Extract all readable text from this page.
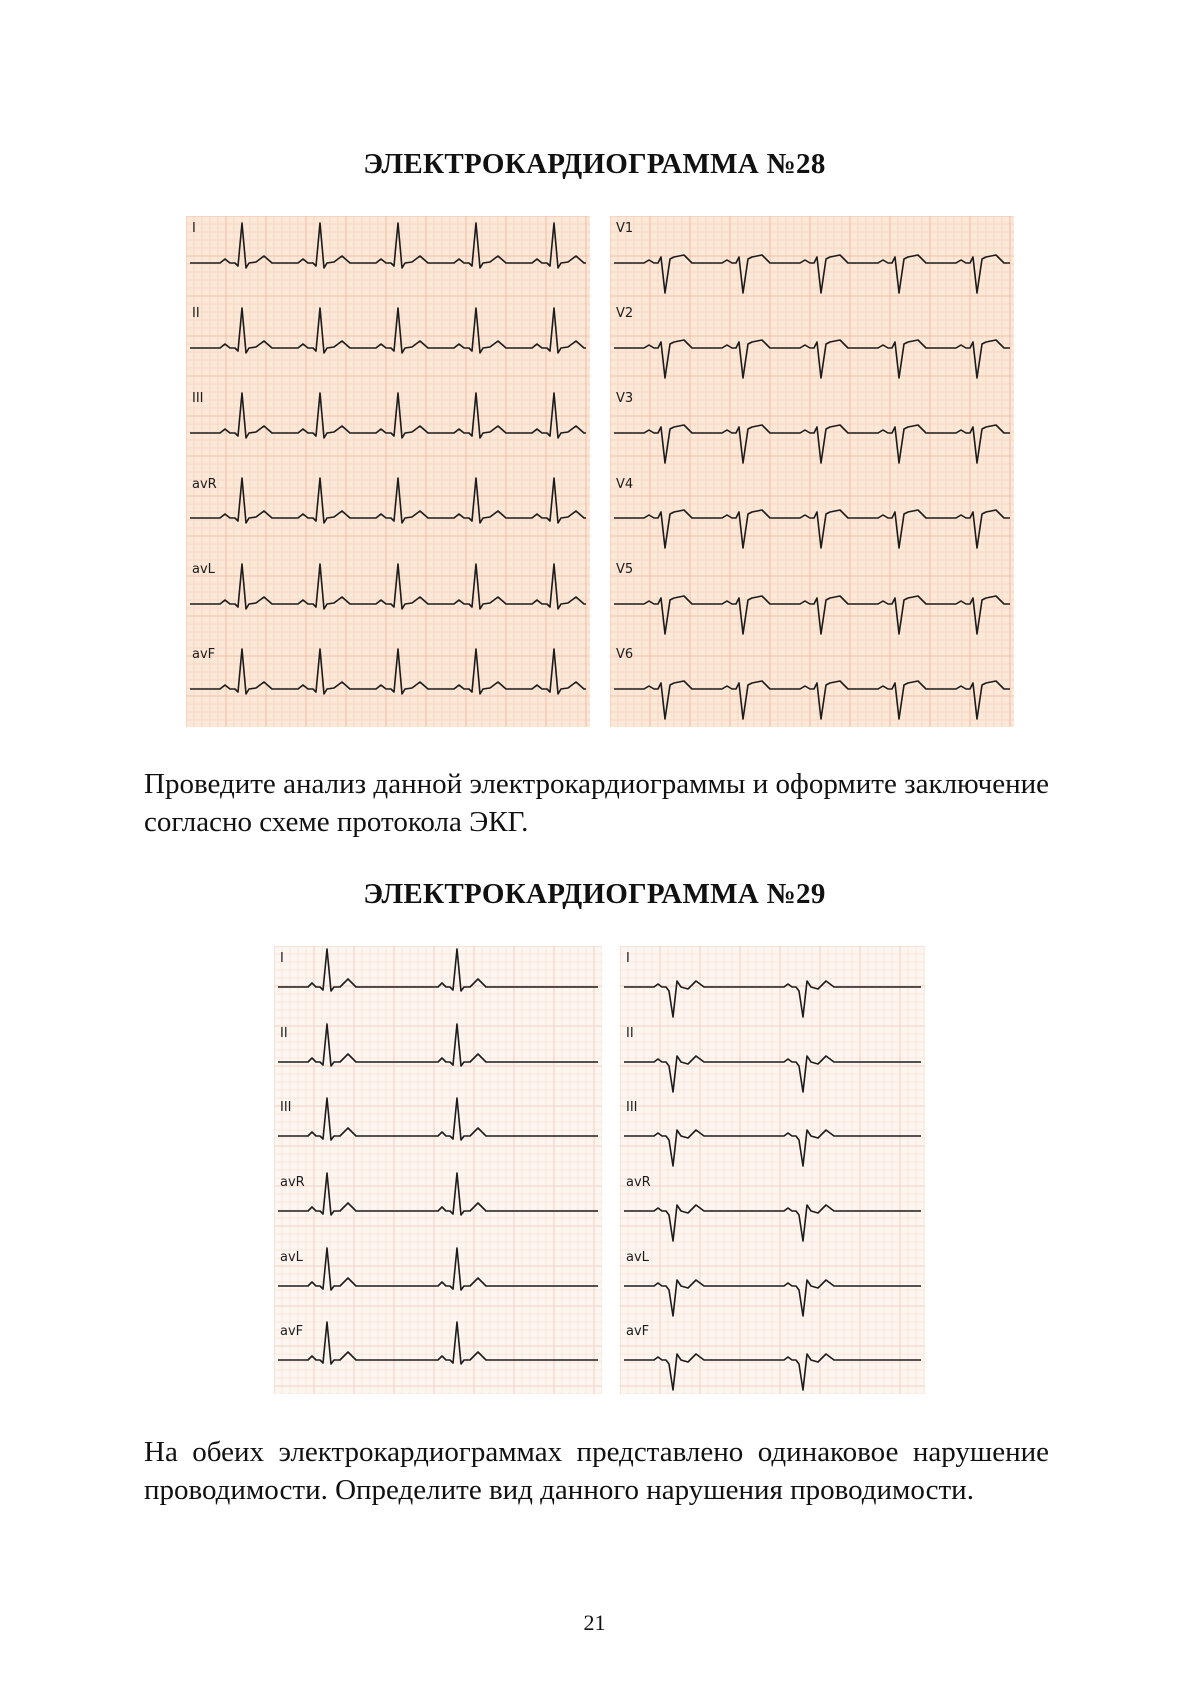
ЭЛЕКТРОКАРДИОГРАММА №28
I
II
III
avR
avL
avF
V1
V2
V3
V4
V5
V6

Проведите анализ данной электрокардиограммы и оформите заключение согласно схеме протокола ЭКГ.

ЭЛЕКТРОКАРДИОГРАММА №29
I
II
III
avR
avL
avF
I
II
III
avR
avL
avF

На обеих электрокардиограммах представлено одинаковое нарушение проводимости. Определите вид данного нарушения проводимости.

21
